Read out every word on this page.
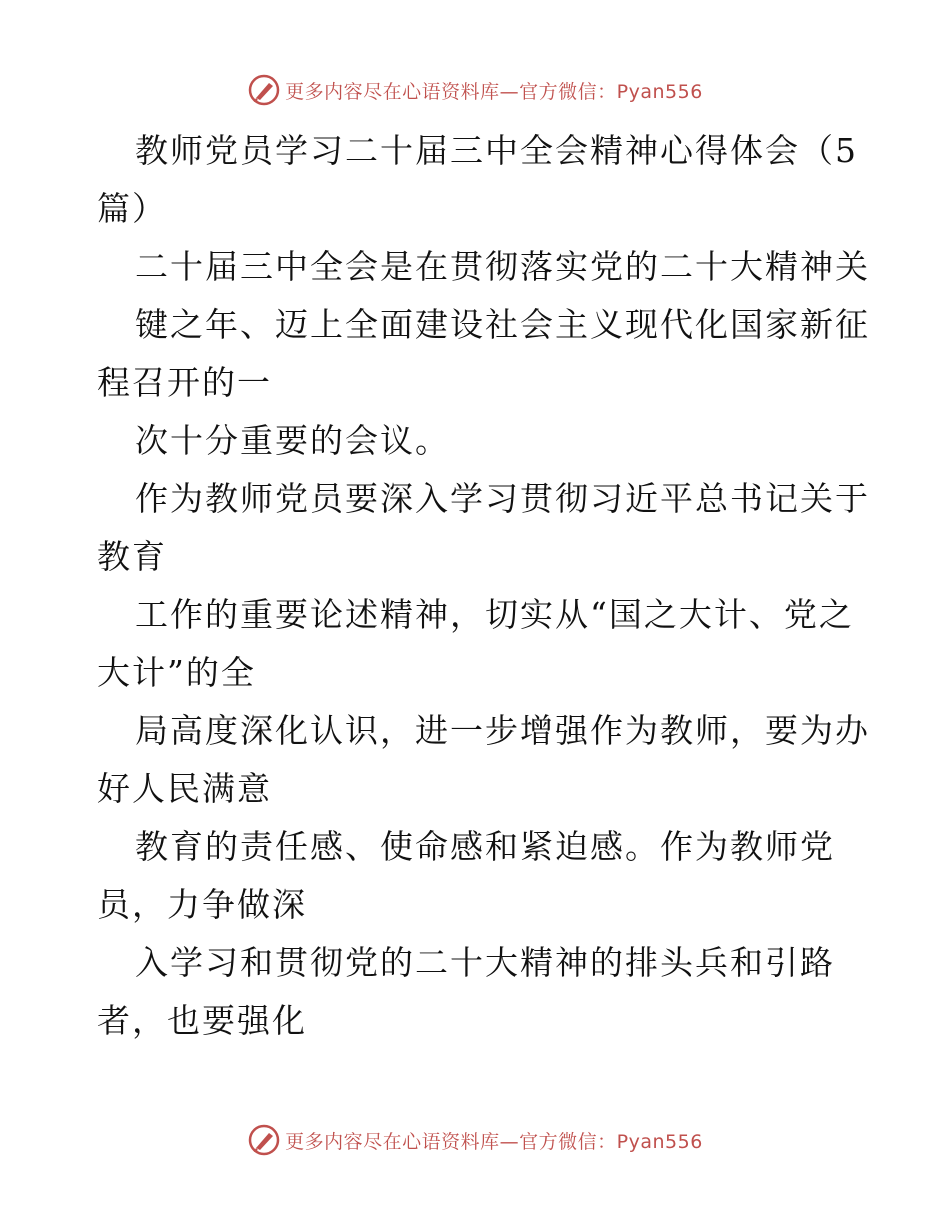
更多内容尽在心语资料库—官方微信：Pyan556
教师党员学习二十届三中全会精神心得体会（5
篇）
二十届三中全会是在贯彻落实党的二十大精神关
键之年、迈上全面建设社会主义现代化国家新征
程召开的一
次十分重要的会议。
作为教师党员要深入学习贯彻习近平总书记关于
教育
工作的重要论述精神，切实从“国之大计、党之
大计”的全
局高度深化认识，进一步增强作为教师，要为办
好人民满意
教育的责任感、使命感和紧迫感。作为教师党
员，力争做深
入学习和贯彻党的二十大精神的排头兵和引路
者，也要强化
更多内容尽在心语资料库—官方微信：Pyan556
